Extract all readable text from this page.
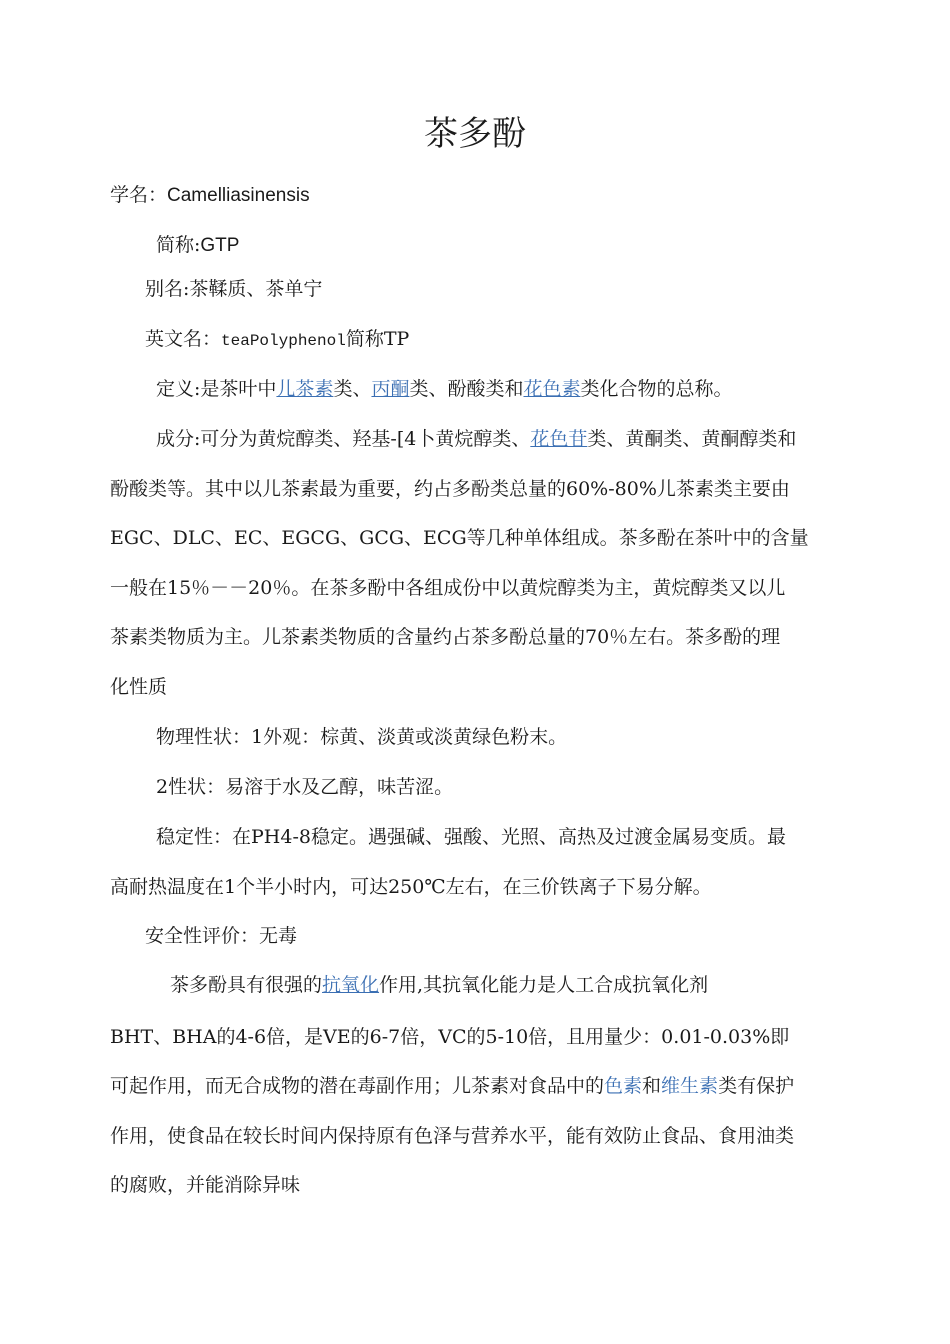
茶多酚
学名：Camelliasinensis
简称:GTP
别名:茶鞣质、茶单宁
英文名：teaPolyphenol简称TP
定义:是茶叶中儿茶素类、丙酮类、酚酸类和花色素类化合物的总称。
成分:可分为黄烷醇类、羟基-[4卜黄烷醇类、花色苷类、黄酮类、黄酮醇类和
酚酸类等。其中以儿茶素最为重要，约占多酚类总量的60%-80%儿茶素类主要由
EGC、DLC、EC、EGCG、GCG、ECG等几种单体组成。茶多酚在茶叶中的含量
一般在15％－－20％。在茶多酚中各组成份中以黄烷醇类为主，黄烷醇类又以儿
茶素类物质为主。儿茶素类物质的含量约占茶多酚总量的70％左右。茶多酚的理
化性质
物理性状：1外观：棕黄、淡黄或淡黄绿色粉末。
2性状：易溶于水及乙醇，味苦涩。
稳定性：在PH4-8稳定。遇强碱、强酸、光照、高热及过渡金属易变质。最
高耐热温度在1个半小时内，可达250℃左右，在三价铁离子下易分解。
安全性评价：无毒
茶多酚具有很强的抗氧化作用,其抗氧化能力是人工合成抗氧化剂
BHT、BHA的4-6倍，是VE的6-7倍，VC的5-10倍，且用量少：0.01-0.03%即
可起作用，而无合成物的潜在毒副作用；儿茶素对食品中的色素和维生素类有保护
作用，使食品在较长时间内保持原有色泽与营养水平，能有效防止食品、食用油类
的腐败，并能消除异味
